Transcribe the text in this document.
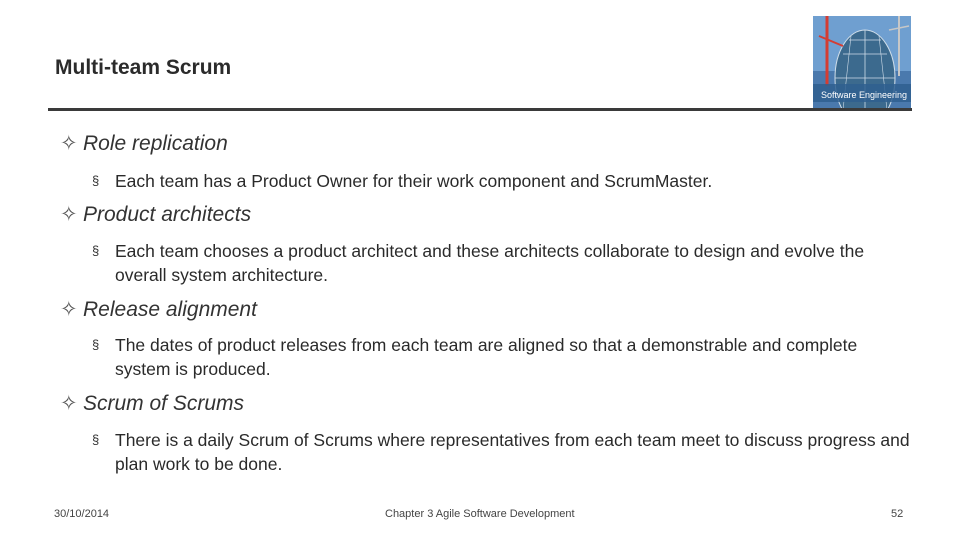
Multi-team Scrum
Software Engineering
✧ Role replication
§ Each team has a Product Owner for their work component and ScrumMaster.
✧ Product architects
§ Each team chooses a product architect and these architects collaborate to design and evolve the overall system architecture.
✧ Release alignment
§ The dates of product releases from each team are aligned so that a demonstrable and complete system is produced.
✧ Scrum of Scrums
§ There is a daily Scrum of Scrums where representatives from each team meet to discuss progress and plan work to be done.
30/10/2014	Chapter 3 Agile Software Development	52
